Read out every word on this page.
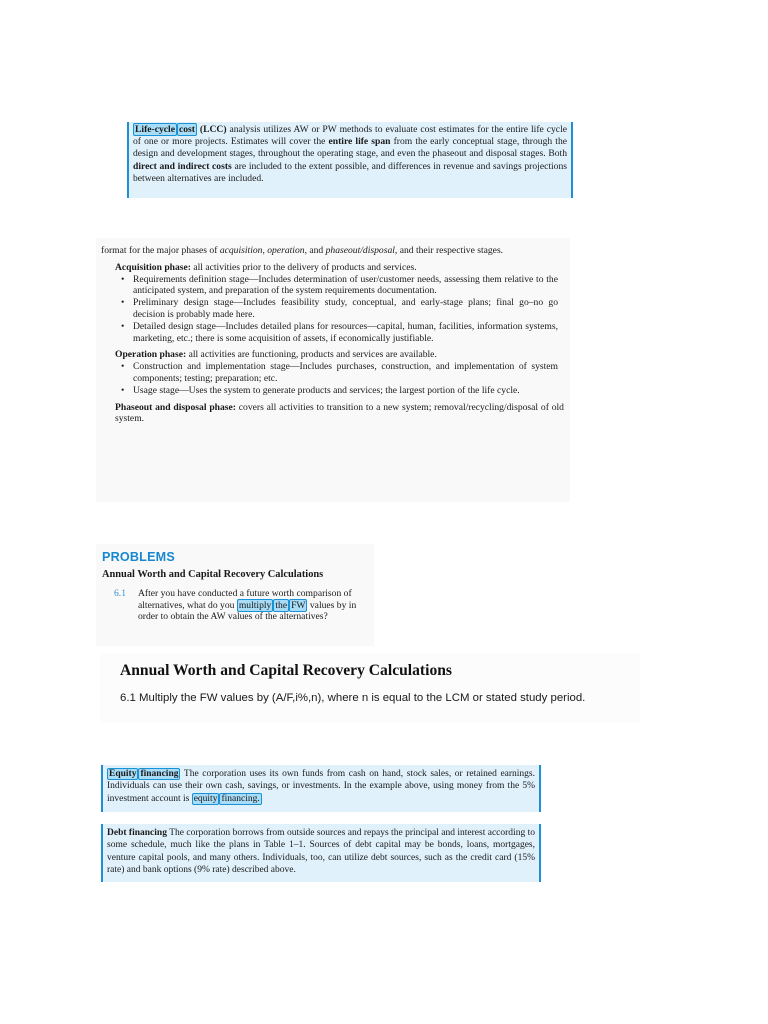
Life-cycle cost (LCC) analysis utilizes AW or PW methods to evaluate cost estimates for the entire life cycle of one or more projects. Estimates will cover the entire life span from the early conceptual stage, through the design and development stages, throughout the operating stage, and even the phaseout and disposal stages. Both direct and indirect costs are included to the extent possible, and differences in revenue and savings projections between alternatives are included.

format for the major phases of acquisition, operation, and phaseout/disposal, and their respective stages.

Acquisition phase: all activities prior to the delivery of products and services.

• Requirements definition stage—Includes determination of user/customer needs, assessing them relative to the anticipated system, and preparation of the system requirements documentation.
• Preliminary design stage—Includes feasibility study, conceptual, and early-stage plans; final go–no go decision is probably made here.
• Detailed design stage—Includes detailed plans for resources—capital, human, facilities, information systems, marketing, etc.; there is some acquisition of assets, if economically justifiable.

Operation phase: all activities are functioning, products and services are available.

• Construction and implementation stage—Includes purchases, construction, and implementation of system components; testing; preparation; etc.
• Usage stage—Uses the system to generate products and services; the largest portion of the life cycle.

Phaseout and disposal phase: covers all activities to transition to a new system; removal/recycling/disposal of old system.

PROBLEMS
Annual Worth and Capital Recovery Calculations
6.1 After you have conducted a future worth comparison of alternatives, what do you multiply the FW values by in order to obtain the AW values of the alternatives?
Annual Worth and Capital Recovery Calculations
6.1 Multiply the FW values by (A/F,i%,n), where n is equal to the LCM or stated study period.
Equity financing The corporation uses its own funds from cash on hand, stock sales, or retained earnings. Individuals can use their own cash, savings, or investments. In the example above, using money from the 5% investment account is equity financing.
Debt financing The corporation borrows from outside sources and repays the principal and interest according to some schedule, much like the plans in Table 1–1. Sources of debt capital may be bonds, loans, mortgages, venture capital pools, and many others. Individuals, too, can utilize debt sources, such as the credit card (15% rate) and bank options (9% rate) described above.
